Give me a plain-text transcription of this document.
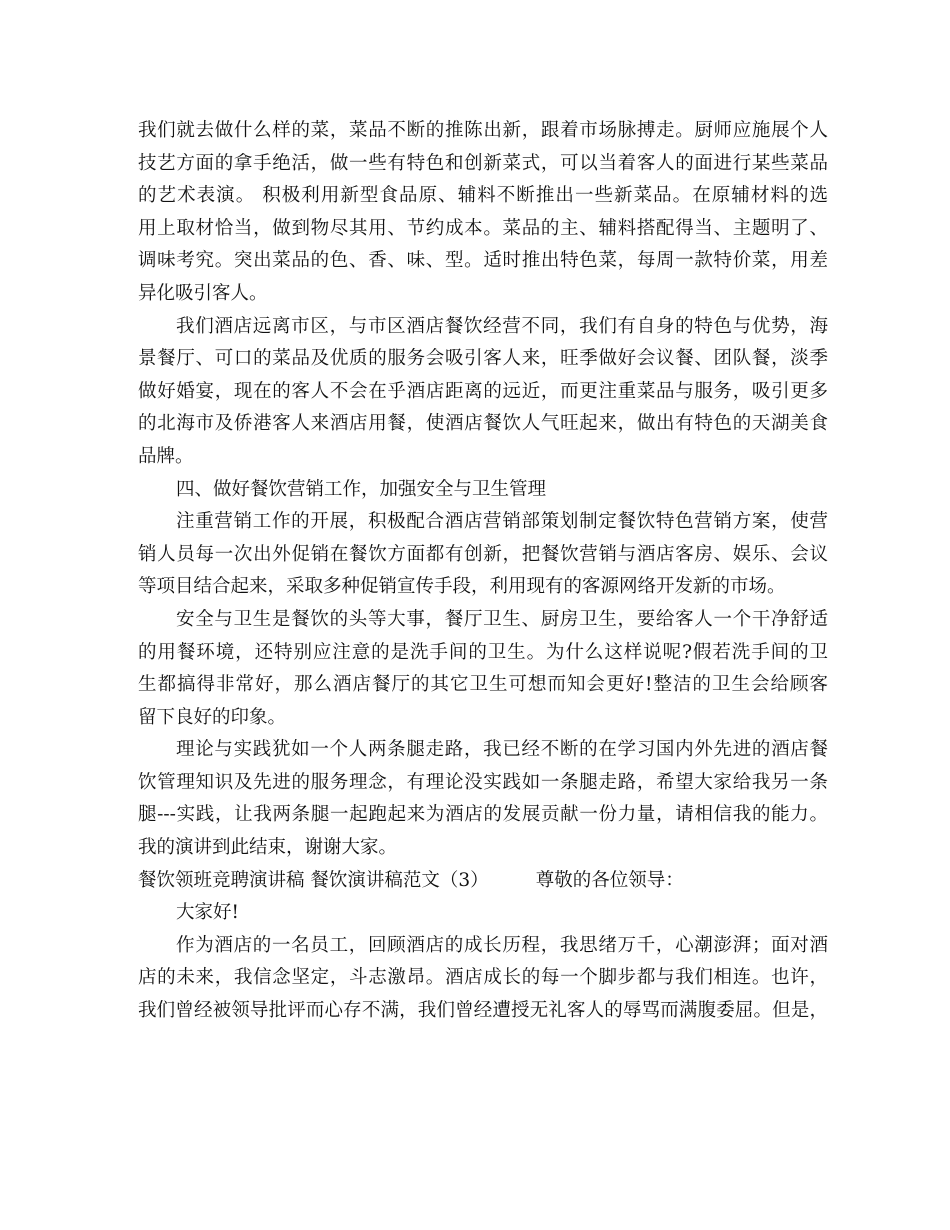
我们就去做什么样的菜，菜品不断的推陈出新，跟着市场脉搏走。厨师应施展个人
技艺方面的拿手绝活，做一些有特色和创新菜式，可以当着客人的面进行某些菜品
的艺术表演。 积极利用新型食品原、辅料不断推出一些新菜品。在原辅材料的选
用上取材恰当，做到物尽其用、节约成本。菜品的主、辅料搭配得当、主题明了、
调味考究。突出菜品的色、香、味、型。适时推出特色菜，每周一款特价菜，用差
异化吸引客人。
我们酒店远离市区，与市区酒店餐饮经营不同，我们有自身的特色与优势，海
景餐厅、可口的菜品及优质的服务会吸引客人来，旺季做好会议餐、团队餐，淡季
做好婚宴，现在的客人不会在乎酒店距离的远近，而更注重菜品与服务，吸引更多
的北海市及侨港客人来酒店用餐，使酒店餐饮人气旺起来，做出有特色的天湖美食
品牌。
四、做好餐饮营销工作，加强安全与卫生管理
注重营销工作的开展，积极配合酒店营销部策划制定餐饮特色营销方案，使营
销人员每一次出外促销在餐饮方面都有创新，把餐饮营销与酒店客房、娱乐、会议
等项目结合起来，采取多种促销宣传手段，利用现有的客源网络开发新的市场。
安全与卫生是餐饮的头等大事，餐厅卫生、厨房卫生，要给客人一个干净舒适
的用餐环境，还特别应注意的是洗手间的卫生。为什么这样说呢?假若洗手间的卫
生都搞得非常好，那么酒店餐厅的其它卫生可想而知会更好!整洁的卫生会给顾客
留下良好的印象。
理论与实践犹如一个人两条腿走路，我已经不断的在学习国内外先进的酒店餐
饮管理知识及先进的服务理念，有理论没实践如一条腿走路，希望大家给我另一条
腿---实践，让我两条腿一起跑起来为酒店的发展贡献一份力量，请相信我的能力。
我的演讲到此结束，谢谢大家。
餐饮领班竞聘演讲稿 餐饮演讲稿范文（3）        尊敬的各位领导：
大家好!
作为酒店的一名员工，回顾酒店的成长历程，我思绪万千，心潮澎湃；面对酒
店的未来，我信念坚定，斗志激昂。酒店成长的每一个脚步都与我们相连。也许，
我们曾经被领导批评而心存不满，我们曾经遭授无礼客人的辱骂而满腹委屈。但是，
